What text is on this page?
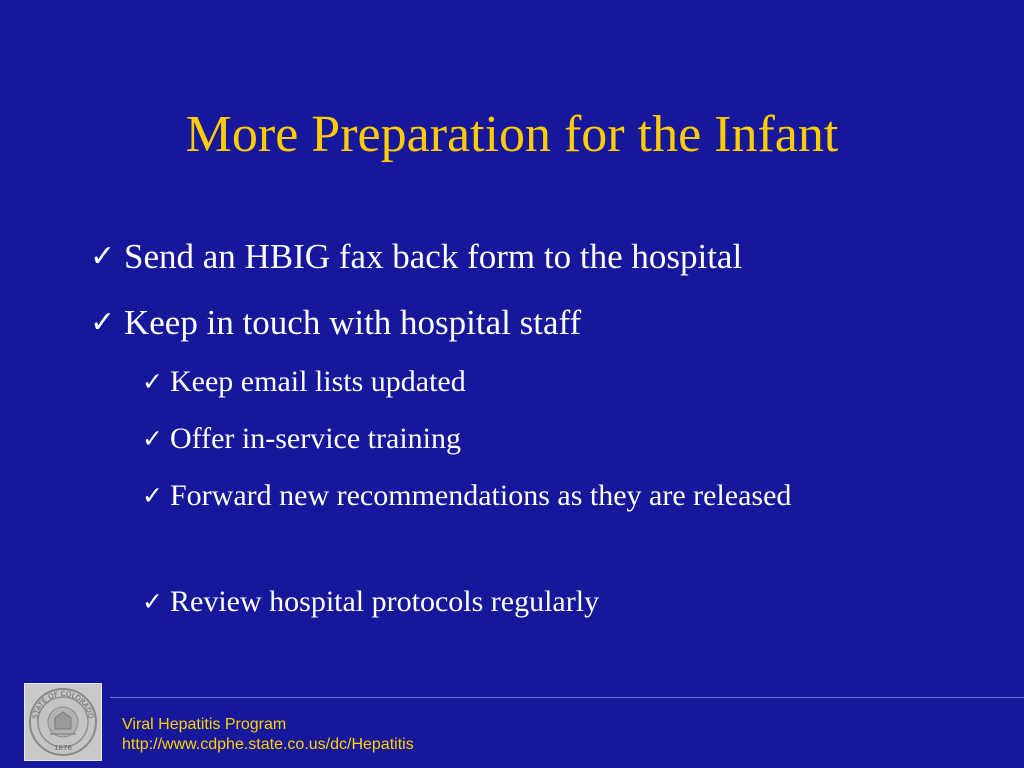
More Preparation for the Infant
✓ Send an HBIG fax back form to the hospital
✓ Keep in touch with hospital staff
✓ Keep email lists updated
✓ Offer in-service training
✓ Forward new recommendations as they are released
✓ Review hospital protocols regularly
STATE OF COLORADO
1876
Viral Hepatitis Program
http://www.cdphe.state.co.us/dc/Hepatitis
